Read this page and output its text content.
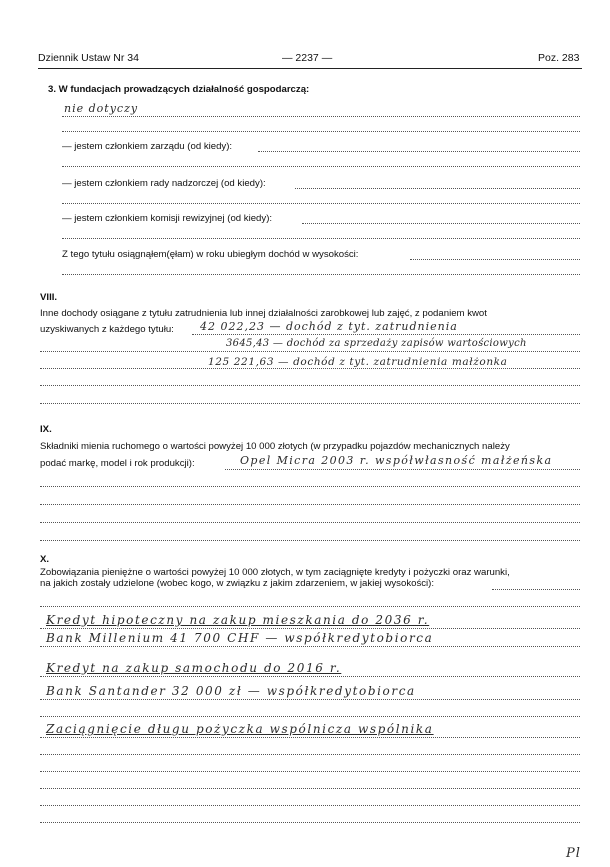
Dziennik Ustaw Nr 34	— 2237 —	Poz. 283
3. W fundacjach prowadzących działalność gospodarczą:
nie dotyczy
— jestem członkiem zarządu (od kiedy):
— jestem członkiem rady nadzorczej (od kiedy):
— jestem członkiem komisji rewizyjnej (od kiedy):
Z tego tytułu osiągnąłem(ęłam) w roku ubiegłym dochód w wysokości:
VIII.
Inne dochody osiągane z tytułu zatrudnienia lub innej działalności zarobkowej lub zajęć, z podaniem kwot
uzyskiwanych z każdego tytułu: 42 022,23 — dochód z tyt. zatrudnienia
3645,43 — dochód za sprzedaży zapisów wartościowych
125 221,63 — dochód z tyt. zatrudnienia małżonka
IX.
Składniki mienia ruchomego o wartości powyżej 10 000 złotych (w przypadku pojazdów mechanicznych należy
podać markę, model i rok produkcji):	Opel Micra 2003 r. współwłasność małżeńska
X.
Zobowiązania pieniężne o wartości powyżej 10 000 złotych, w tym zaciągnięte kredyty i pożyczki oraz warunki,
na jakich zostały udzielone (wobec kogo, w związku z jakim zdarzeniem, w jakiej wysokości):
Kredyt hipoteczny na zakup mieszkania do 2036 r.
Bank Millenium 41 700 CHF — współkredytobiorca
Kredyt na zakup samochodu do 2016 r.
Bank Santander 32 000 zł — współkredytobiorca
Zaciągnięcie długu pożyczka wspólnicza wspólnika
Pl
